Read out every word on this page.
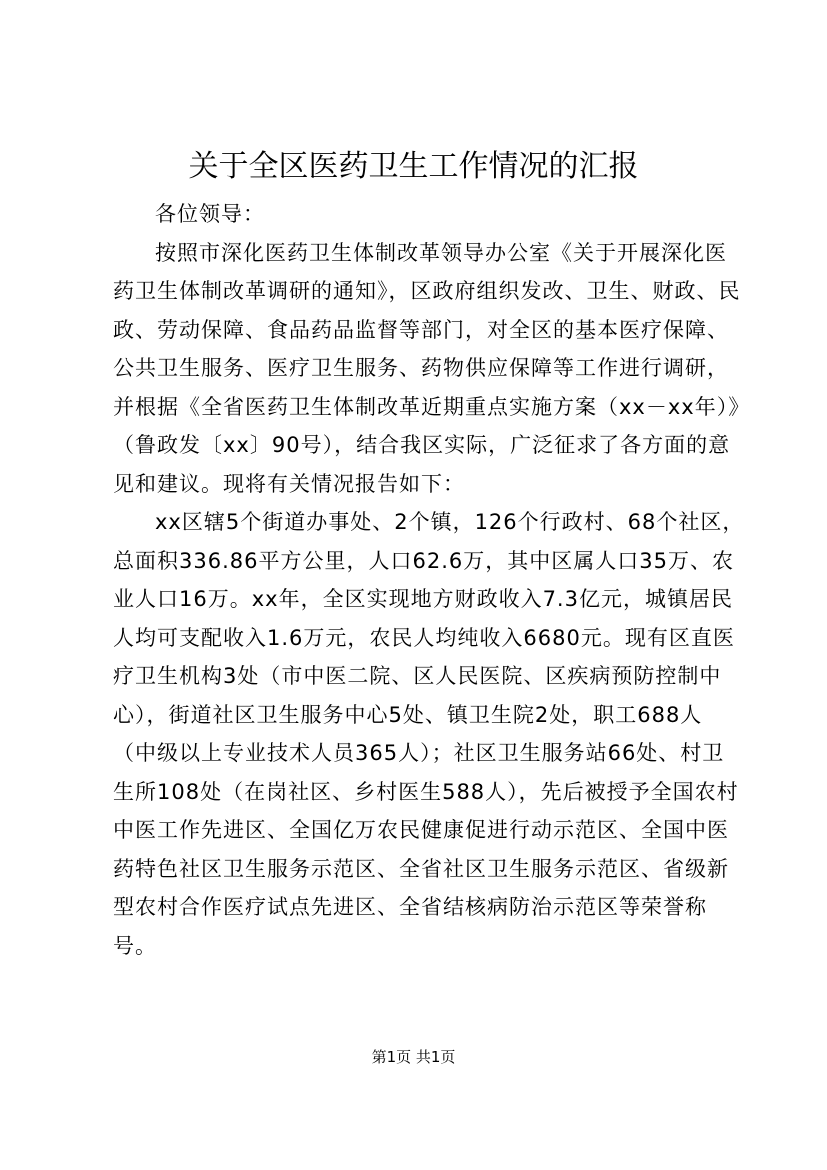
关于全区医药卫生工作情况的汇报

各位领导：

按照市深化医药卫生体制改革领导办公室《关于开展深化医药卫生体制改革调研的通知》，区政府组织发改、卫生、财政、民政、劳动保障、食品药品监督等部门，对全区的基本医疗保障、公共卫生服务、医疗卫生服务、药物供应保障等工作进行调研，并根据《全省医药卫生体制改革近期重点实施方案（xx－xx年）》（鲁政发〔xx〕90号），结合我区实际，广泛征求了各方面的意见和建议。现将有关情况报告如下：

xx区辖5个街道办事处、2个镇，126个行政村、68个社区，总面积336.86平方公里，人口62.6万，其中区属人口35万、农业人口16万。xx年，全区实现地方财政收入7.3亿元，城镇居民人均可支配收入1.6万元，农民人均纯收入6680元。现有区直医疗卫生机构3处（市中医二院、区人民医院、区疾病预防控制中心），街道社区卫生服务中心5处、镇卫生院2处，职工688人（中级以上专业技术人员365人）；社区卫生服务站66处、村卫生所108处（在岗社区、乡村医生588人），先后被授予全国农村中医工作先进区、全国亿万农民健康促进行动示范区、全国中医药特色社区卫生服务示范区、全省社区卫生服务示范区、省级新型农村合作医疗试点先进区、全省结核病防治示范区等荣誉称号。

第1页 共1页
